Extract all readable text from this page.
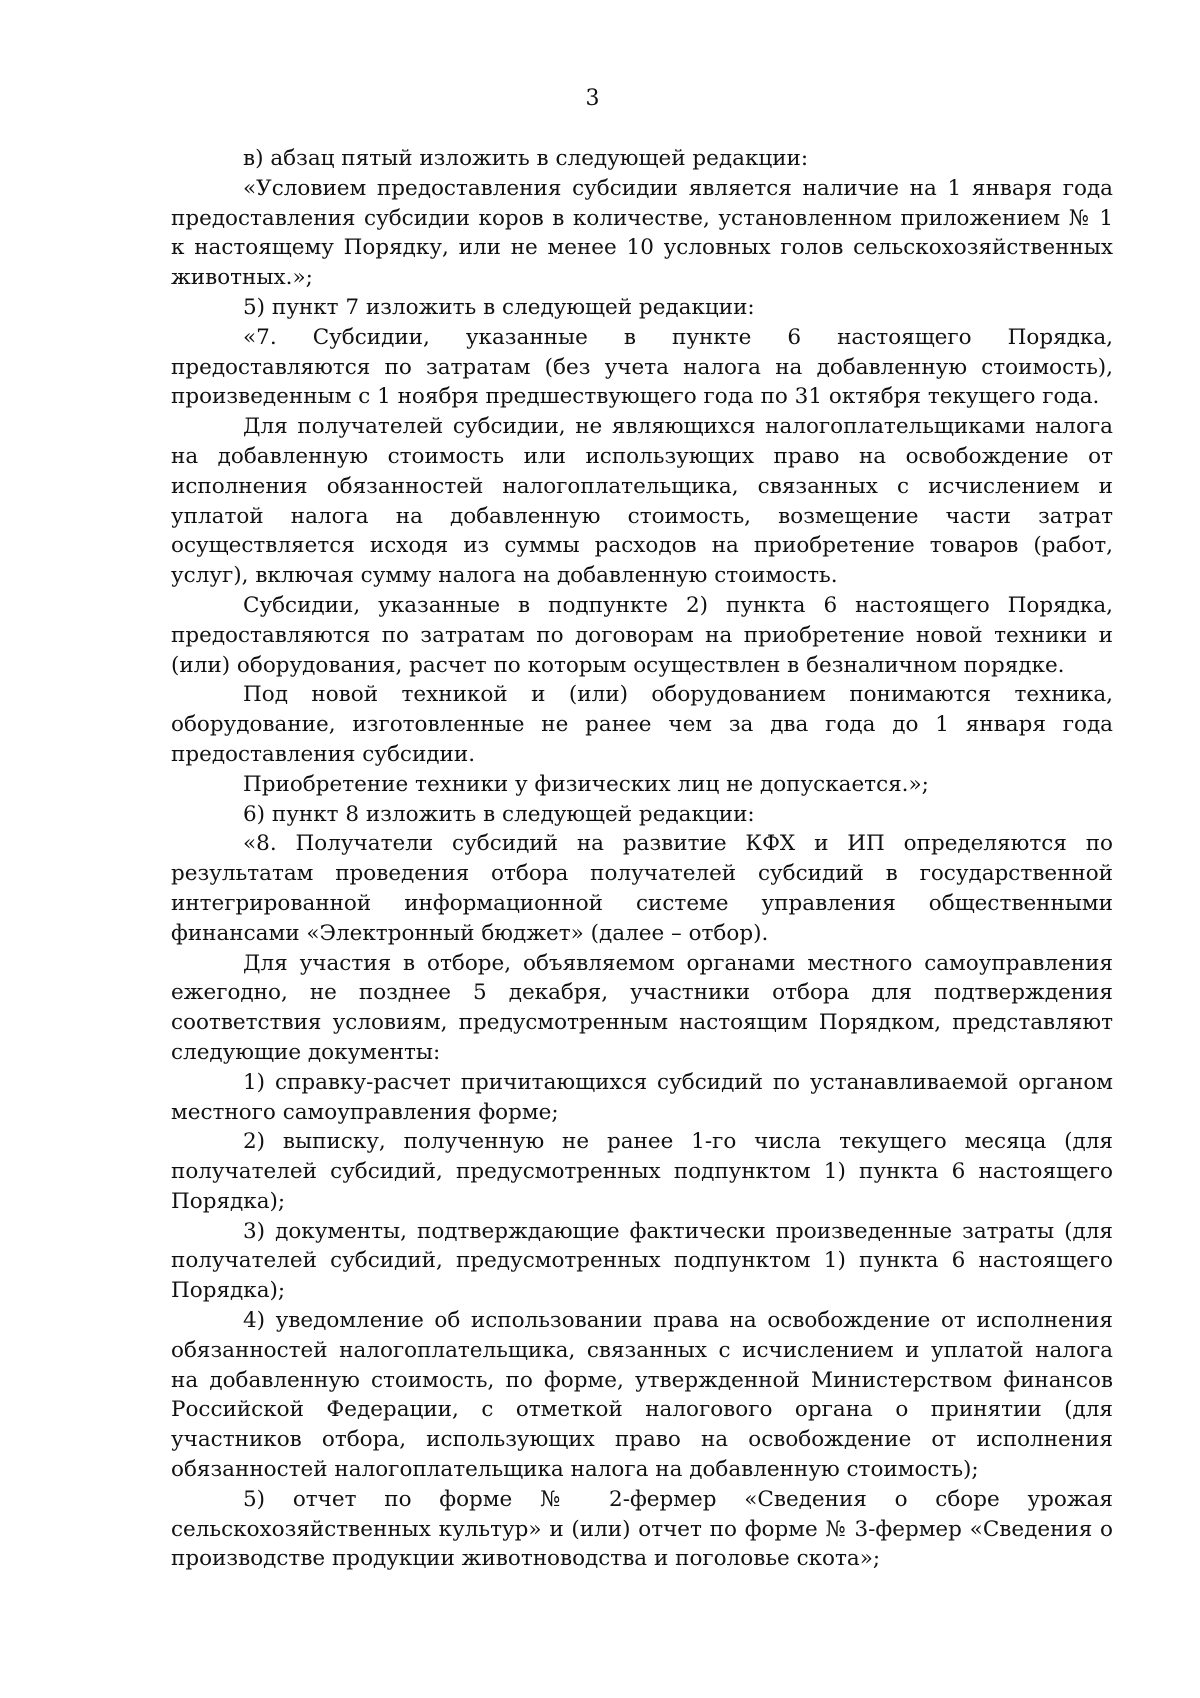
3

в) абзац пятый изложить в следующей редакции:

«Условием предоставления субсидии является наличие на 1 января года предоставления субсидии коров в количестве, установленном приложением № 1 к настоящему Порядку, или не менее 10 условных голов сельскохозяйственных животных.»;

5) пункт 7 изложить в следующей редакции:

«7. Субсидии, указанные в пункте 6 настоящего Порядка, предоставляются по затратам (без учета налога на добавленную стоимость), произведенным с 1 ноября предшествующего года по 31 октября текущего года.

Для получателей субсидии, не являющихся налогоплательщиками налога на добавленную стоимость или использующих право на освобождение от исполнения обязанностей налогоплательщика, связанных с исчислением и уплатой налога на добавленную стоимость, возмещение части затрат осуществляется исходя из суммы расходов на приобретение товаров (работ, услуг), включая сумму налога на добавленную стоимость.

Субсидии, указанные в подпункте 2) пункта 6 настоящего Порядка, предоставляются по затратам по договорам на приобретение новой техники и (или) оборудования, расчет по которым осуществлен в безналичном порядке.

Под новой техникой и (или) оборудованием понимаются техника, оборудование, изготовленные не ранее чем за два года до 1 января года предоставления субсидии.

Приобретение техники у физических лиц не допускается.»;

6) пункт 8 изложить в следующей редакции:

«8. Получатели субсидий на развитие КФХ и ИП определяются по результатам проведения отбора получателей субсидий в государственной интегрированной информационной системе управления общественными финансами «Электронный бюджет» (далее – отбор).

Для участия в отборе, объявляемом органами местного самоуправления ежегодно, не позднее 5 декабря, участники отбора для подтверждения соответствия условиям, предусмотренным настоящим Порядком, представляют следующие документы:

1) справку-расчет причитающихся субсидий по устанавливаемой органом местного самоуправления форме;

2) выписку, полученную не ранее 1-го числа текущего месяца (для получателей субсидий, предусмотренных подпунктом 1) пункта 6 настоящего Порядка);

3) документы, подтверждающие фактически произведенные затраты (для получателей субсидий, предусмотренных подпунктом 1) пункта 6 настоящего Порядка);

4) уведомление об использовании права на освобождение от исполнения обязанностей налогоплательщика, связанных с исчислением и уплатой налога на добавленную стоимость, по форме, утвержденной Министерством финансов Российской Федерации, с отметкой налогового органа о принятии (для участников отбора, использующих право на освобождение от исполнения обязанностей налогоплательщика налога на добавленную стоимость);

5) отчет по форме № 2-фермер «Сведения о сборе урожая сельскохозяйственных культур» и (или) отчет по форме № 3-фермер «Сведения о производстве продукции животноводства и поголовье скота»;
